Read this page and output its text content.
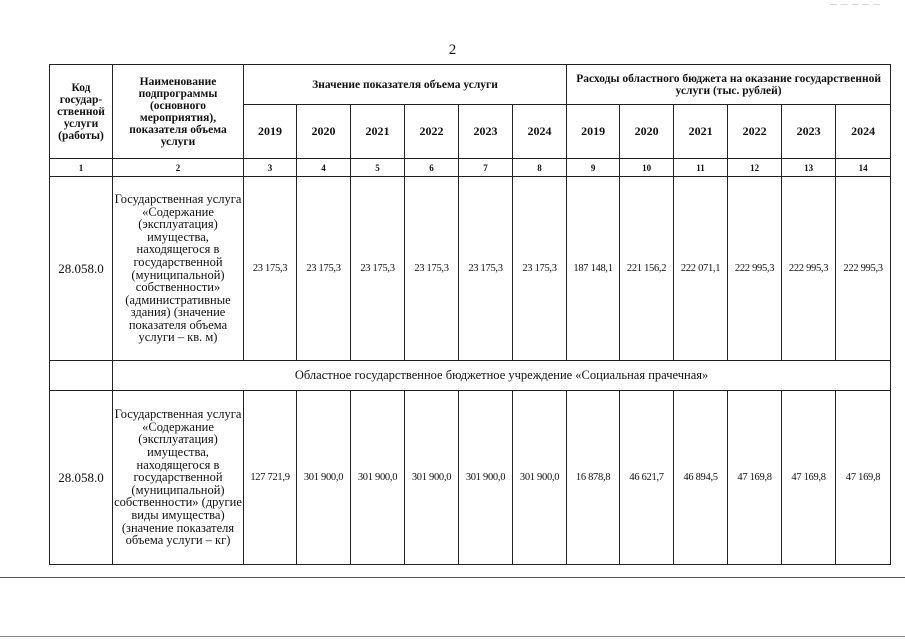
— — — — —
2
Код государ-ственной услуги (работы)	Наименование подпрограммы (основного мероприятия), показателя объема услуги	Значение показателя объема услуги						Расходы областного бюджета на оказание государственной услуги (тыс. рублей)					
		2019	2020	2021	2022	2023	2024	2019	2020	2021	2022	2023	2024
1	2	3	4	5	6	7	8	9	10	11	12	13	14
28.058.0	Государственная услуга «Содержание (эксплуатация) имущества, находящегося в государственной (муниципальной) собственности» (административные здания) (значение показателя объема услуги – кв. м)	23 175,3	23 175,3	23 175,3	23 175,3	23 175,3	23 175,3	187 148,1	221 156,2	222 071,1	222 995,3	222 995,3	222 995,3
	Областное государственное бюджетное учреждение «Социальная прачечная»												
28.058.0	Государственная услуга «Содержание (эксплуатация) имущества, находящегося в государственной (муниципальной) собственности» (другие виды имущества) (значение показателя объема услуги – кг)	127 721,9	301 900,0	301 900,0	301 900,0	301 900,0	301 900,0	16 878,8	46 621,7	46 894,5	47 169,8	47 169,8	47 169,8
